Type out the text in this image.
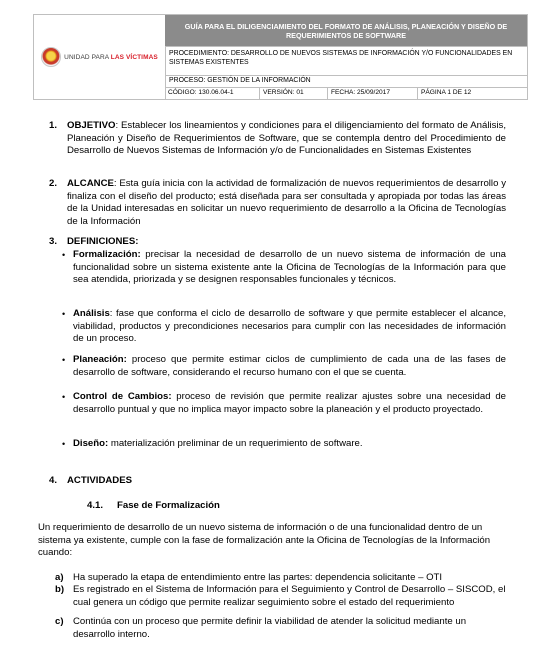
UNIDAD PARA LAS VÍCTIMAS
GUÍA PARA EL DILIGENCIAMIENTO DEL FORMATO DE ANÁLISIS, PLANEACIÓN Y DISEÑO DE REQUERIMIENTOS DE SOFTWARE
PROCEDIMIENTO: DESARROLLO DE NUEVOS SISTEMAS DE INFORMACIÓN Y/O FUNCIONALIDADES EN SISTEMAS EXISTENTES
PROCESO: GESTIÓN DE LA INFORMACIÓN
CÓDIGO: 130.06.04-1	VERSIÓN: 01	FECHA: 25/09/2017	PÁGINA 1 DE 12
1. OBJETIVO: Establecer los lineamientos y condiciones para el diligenciamiento del formato de Análisis, Planeación y Diseño de Requerimientos de Software, que se contempla dentro del Procedimiento de Desarrollo de Nuevos Sistemas de Información y/o de Funcionalidades en Sistemas Existentes
2. ALCANCE: Esta guía inicia con la actividad de formalización de nuevos requerimientos de desarrollo y finaliza con el diseño del producto; está diseñada para ser consultada y apropiada por todas las áreas de la Unidad interesadas en solicitar un nuevo requerimiento de desarrollo a la Oficina de Tecnologías de la Información
3. DEFINICIONES:
• Formalización: precisar la necesidad de desarrollo de un nuevo sistema de información de una funcionalidad sobre un sistema existente ante la Oficina de Tecnologías de la Información para que sea atendida, priorizada y se designen responsables funcionales y técnicos.
• Análisis: fase que conforma el ciclo de desarrollo de software y que permite establecer el alcance, viabilidad, productos y precondiciones necesarios para cumplir con las necesidades de información de un proceso.
• Planeación: proceso que permite estimar ciclos de cumplimiento de cada una de las fases de desarrollo de software, considerando el recurso humano con el que se cuenta.
• Control de Cambios: proceso de revisión que permite realizar ajustes sobre una necesidad de desarrollo puntual y que no implica mayor impacto sobre la planeación y el producto proyectado.
• Diseño: materialización preliminar de un requerimiento de software.
4. ACTIVIDADES
4.1. Fase de Formalización
Un requerimiento de desarrollo de un nuevo sistema de información o de una funcionalidad dentro de un sistema ya existente, cumple con la fase de formalización ante la Oficina de Tecnologías de la Información cuando:
a) Ha superado la etapa de entendimiento entre las partes: dependencia solicitante – OTI
b) Es registrado en el Sistema de Información para el Seguimiento y Control de Desarrollo – SISCOD, el cual genera un código que permite realizar seguimiento sobre el estado del requerimiento
c) Continúa con un proceso que permite definir la viabilidad de atender la solicitud mediante un desarrollo interno.
